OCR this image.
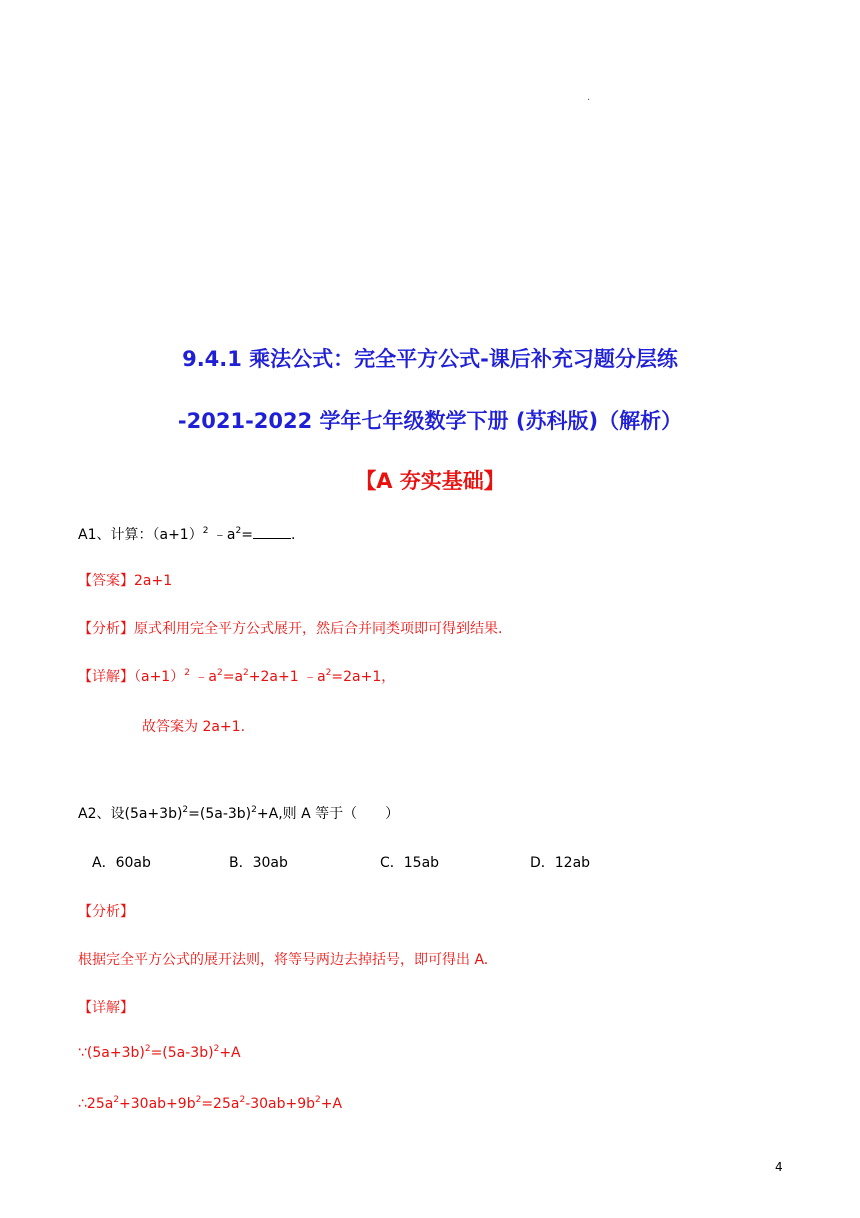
·
9.4.1 乘法公式：完全平方公式-课后补充习题分层练
-2021-2022 学年七年级数学下册 (苏科版)（解析）
【A 夯实基础】
A1、计算：$(a+1)^2$ $﹣a^2=$	.
【答案】2a+1
【分析】原式利用完全平方公式展开，然后合并同类项即可得到结果.
【详解】$(a+1)^2$ $﹣a^2=a^2+2a+1$ $﹣a^2=2a+1$，
故答案为 2a+1.
A2、设$(5a+3b)^2=(5a-3b)^2+A$,则 A 等于（　　）
A．60ab	B．30ab	C．15ab	D．12ab
【分析】
根据完全平方公式的展开法则，将等号两边去掉括号，即可得出 A.
【详解】
$\because(5a+3b)^2=(5a-3b)^2+A$
$\therefore 25a^2+30ab+9b^2=25a^2-30ab+9b^2+A$
4
